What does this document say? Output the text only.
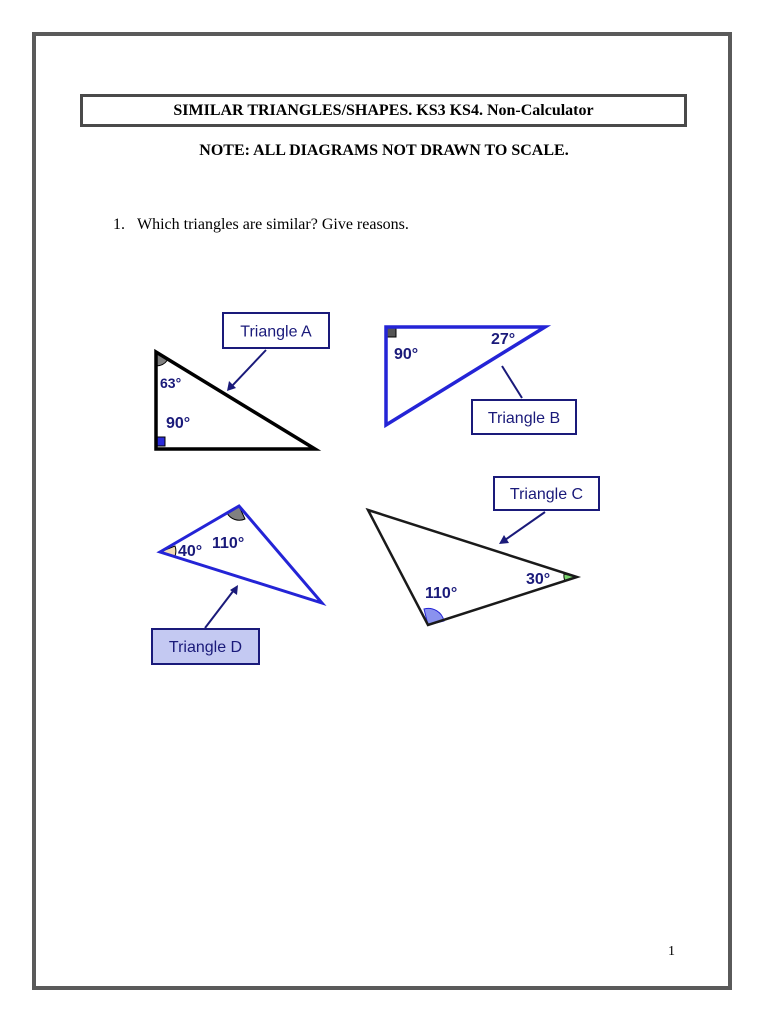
SIMILAR TRIANGLES/SHAPES. KS3 KS4. Non-Calculator
NOTE: ALL DIAGRAMS NOT DRAWN TO SCALE.
1. Which triangles are similar? Give reasons.
63°
90°
Triangle A
90°
27°
Triangle B
110°
30°
Triangle C
40° 110°
Triangle D
1
